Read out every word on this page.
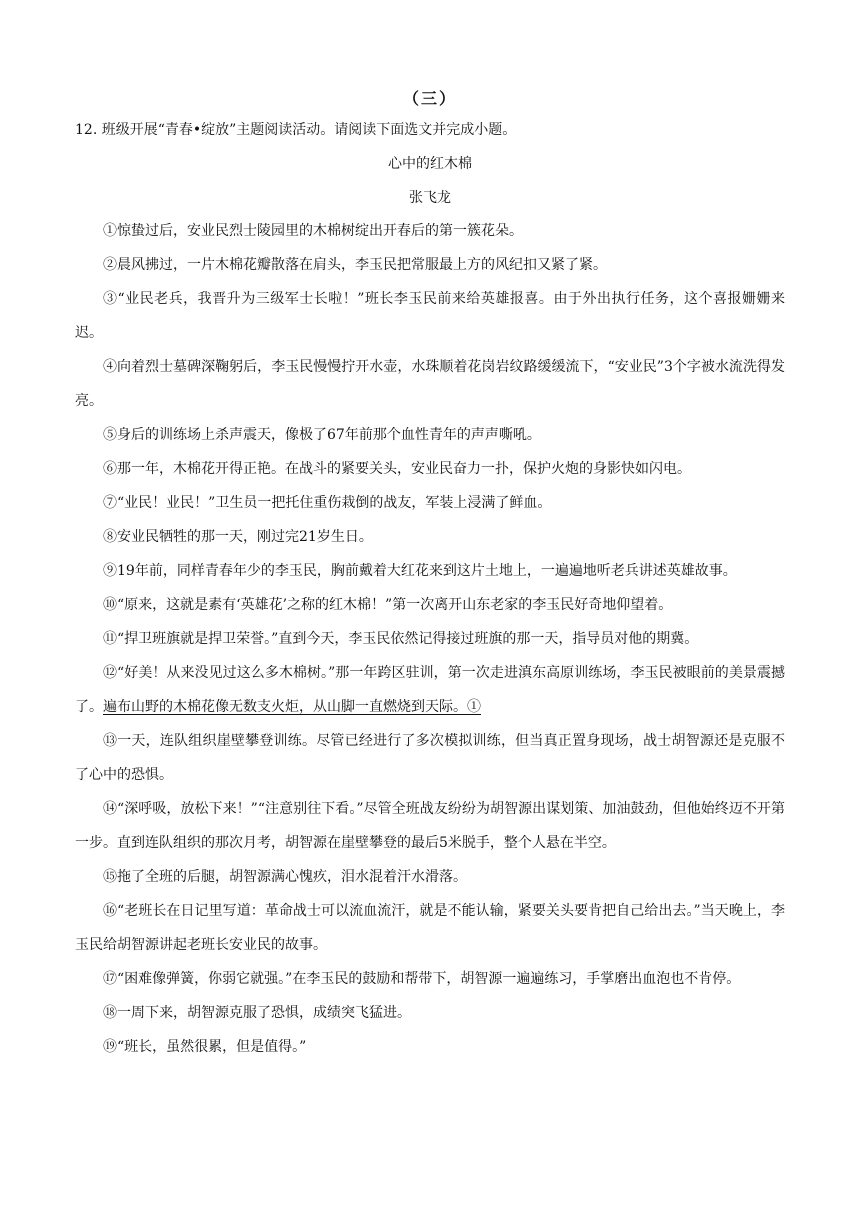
（三）
12. 班级开展“青春•绽放”主题阅读活动。请阅读下面选文并完成小题。
心中的红木棉
张飞龙

①惊蛰过后，安业民烈士陵园里的木棉树绽出开春后的第一簇花朵。

②晨风拂过，一片木棉花瓣散落在肩头，李玉民把常服最上方的风纪扣又紧了紧。

③“业民老兵，我晋升为三级军士长啦！”班长李玉民前来给英雄报喜。由于外出执行任务，这个喜报姗姗来迟。

④向着烈士墓碑深鞠躬后，李玉民慢慢拧开水壶，水珠顺着花岗岩纹路缓缓流下，“安业民”3个字被水流洗得发亮。

⑤身后的训练场上杀声震天，像极了67年前那个血性青年的声声嘶吼。

⑥那一年，木棉花开得正艳。在战斗的紧要关头，安业民奋力一扑，保护火炮的身影快如闪电。

⑦“业民！业民！”卫生员一把托住重伤栽倒的战友，军装上浸满了鲜血。

⑧安业民牺牲的那一天，刚过完21岁生日。

⑨19年前，同样青春年少的李玉民，胸前戴着大红花来到这片土地上，一遍遍地听老兵讲述英雄故事。

⑩“原来，这就是素有‘英雄花’之称的红木棉！”第一次离开山东老家的李玉民好奇地仰望着。

⑪“捍卫班旗就是捍卫荣誉。”直到今天，李玉民依然记得接过班旗的那一天，指导员对他的期冀。

⑫“好美！从来没见过这么多木棉树。”那一年跨区驻训，第一次走进滇东高原训练场，李玉民被眼前的美景震撼了。遍布山野的木棉花像无数支火炬，从山脚一直燃烧到天际。①

⑬一天，连队组织崖壁攀登训练。尽管已经进行了多次模拟训练，但当真正置身现场，战士胡智源还是克服不了心中的恐惧。

⑭“深呼吸，放松下来！”“注意别往下看。”尽管全班战友纷纷为胡智源出谋划策、加油鼓劲，但他始终迈不开第一步。直到连队组织的那次月考，胡智源在崖壁攀登的最后5米脱手，整个人悬在半空。

⑮拖了全班的后腿，胡智源满心愧疚，泪水混着汗水滑落。

⑯“老班长在日记里写道：革命战士可以流血流汗，就是不能认输，紧要关头要肯把自己给出去。”当天晚上，李玉民给胡智源讲起老班长安业民的故事。

⑰“困难像弹簧，你弱它就强。”在李玉民的鼓励和帮带下，胡智源一遍遍练习，手掌磨出血泡也不肯停。

⑱一周下来，胡智源克服了恐惧，成绩突飞猛进。

⑲“班长，虽然很累，但是值得。”
